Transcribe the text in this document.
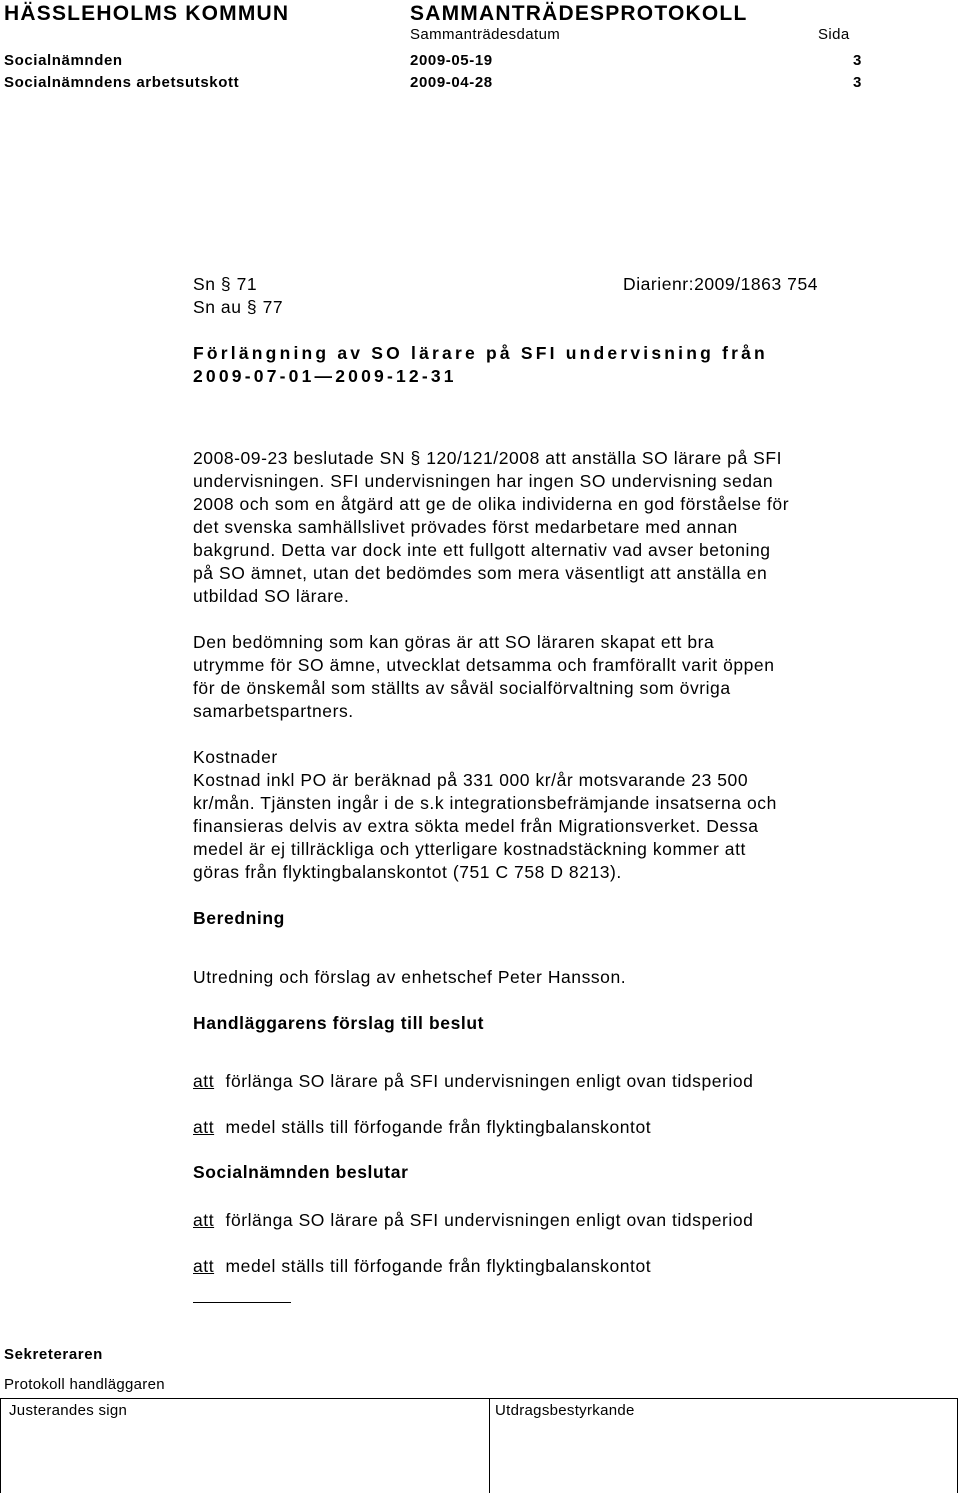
HÄSSLEHOLMS KOMMUN	SAMMANTRÄDESPROTOKOLL
Sammanträdesdatum	Sida
Socialnämnden	2009-05-19	3
Socialnämndens arbetsutskott	2009-04-28	3
Sn § 71	Diarienr:2009/1863 754
Sn au § 77
Förlängning av SO lärare på SFI undervisning från
2009-07-01—2009-12-31
2008-09-23 beslutade SN § 120/121/2008 att anställa SO lärare på SFI
undervisningen. SFI undervisningen har ingen SO undervisning sedan
2008 och som en åtgärd att ge de olika individerna en god förståelse för
det svenska samhällslivet prövades först medarbetare med annan
bakgrund. Detta var dock inte ett fullgott alternativ vad avser betoning
på SO ämnet, utan det bedömdes som mera väsentligt att anställa en
utbildad SO lärare.
Den bedömning som kan göras är att SO läraren skapat ett bra
utrymme för SO ämne, utvecklat detsamma och framförallt varit öppen
för de önskemål som ställts av såväl socialförvaltning som övriga
samarbetspartners.
Kostnader
Kostnad inkl PO är beräknad på 331 000 kr/år motsvarande 23 500
kr/mån. Tjänsten ingår i de s.k integrationsbefrämjande insatserna och
finansieras delvis av extra sökta medel från Migrationsverket. Dessa
medel är ej tillräckliga och ytterligare kostnadstäckning kommer att
göras från flyktingbalanskontot (751 C 758 D 8213).
Beredning
Utredning och förslag av enhetschef Peter Hansson.
Handläggarens förslag till beslut
att förlänga SO lärare på SFI undervisningen enligt ovan tidsperiod
att medel ställs till förfogande från flyktingbalanskontot
Socialnämnden beslutar
att förlänga SO lärare på SFI undervisningen enligt ovan tidsperiod
att medel ställs till förfogande från flyktingbalanskontot
Sekreteraren
Protokoll handläggaren
Justerandes sign	Utdragsbestyrkande
